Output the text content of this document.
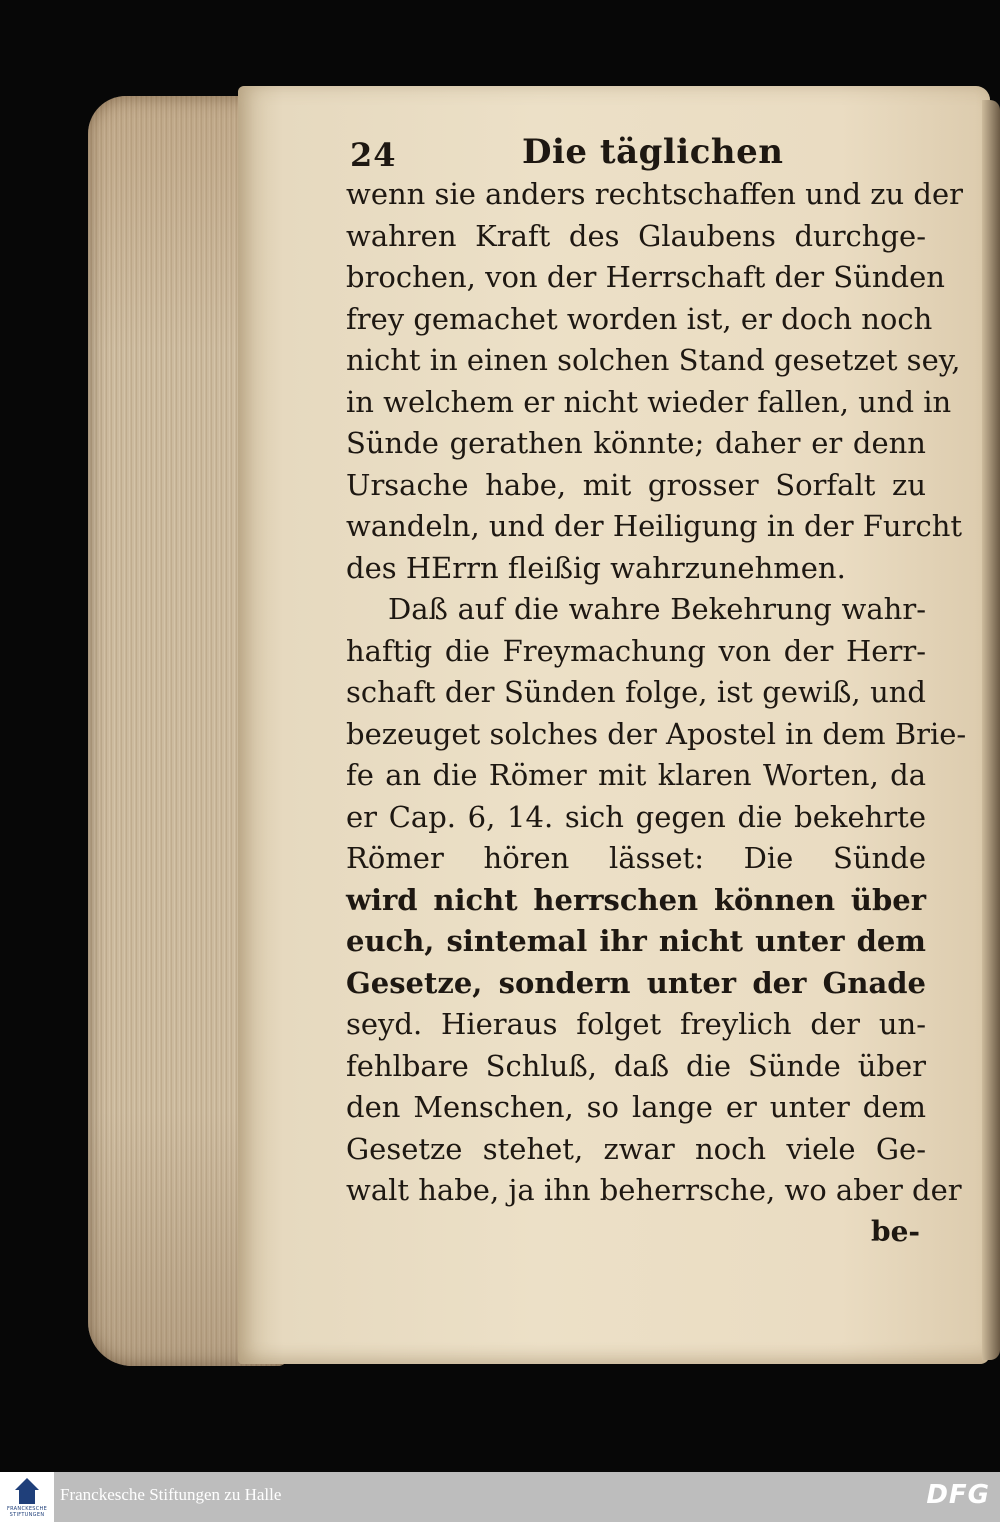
24	Die täglichen
wenn sie anders rechtschaffen und zu der
wahren Kraft des Glaubens durchge-
brochen, von der Herrschaft der Sünden
frey gemachet worden ist, er doch noch
nicht in einen solchen Stand gesetzet sey,
in welchem er nicht wieder fallen, und in
Sünde gerathen könnte; daher er denn
Ursache habe, mit grosser Sorfalt zu
wandeln, und der Heiligung in der Furcht
des HErrn fleißig wahrzunehmen.
Daß auf die wahre Bekehrung wahr-
haftig die Freymachung von der Herr-
schaft der Sünden folge, ist gewiß, und
bezeuget solches der Apostel in dem Brie-
fe an die Römer mit klaren Worten, da
er Cap. 6, 14. sich gegen die bekehrte
Römer hören lässet: Die Sünde
wird nicht herrschen können über
euch, sintemal ihr nicht unter dem
Gesetze, sondern unter der Gnade
seyd. Hieraus folget freylich der un-
fehlbare Schluß, daß die Sünde über
den Menschen, so lange er unter dem
Gesetze stehet, zwar noch viele Ge-
walt habe, ja ihn beherrsche, wo aber der
be-
FRANCKESCHE STIFTUNGEN
Franckesche Stiftungen zu Halle	DFG
